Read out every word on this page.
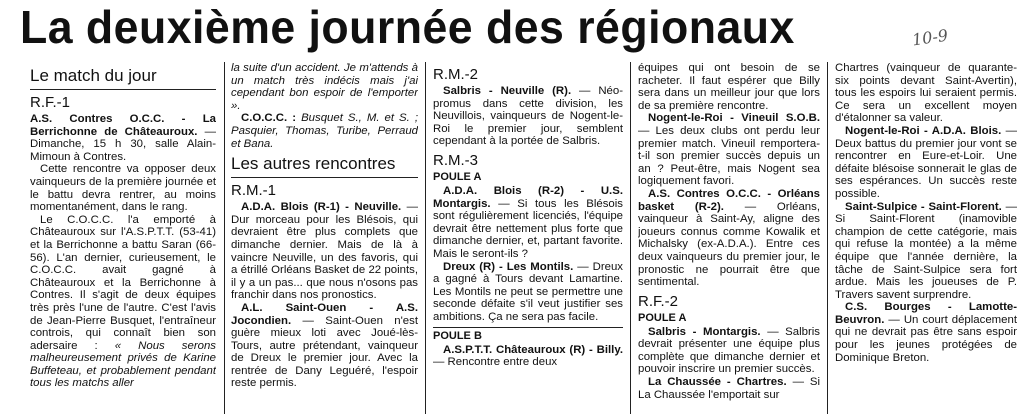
La deuxième journée des régionaux	10-9
Le match du jour
R.F.-1

A.S. Contres O.C.C. - La Berrichonne de Châteauroux. — Dimanche, 15 h 30, salle Alain-Mimoun à Contres.

Cette rencontre va opposer deux vainqueurs de la première journée et le battu devra rentrer, au moins momentanément, dans le rang.

Le C.O.C.C. l'a emporté à Châteauroux sur l'A.S.P.T.T. (53-41) et la Berrichonne a battu Saran (66-56). L'an dernier, curieusement, le C.O.C.C. avait gagné à Châteauroux et la Berrichonne à Contres. Il s'agit de deux équipes très près l'une de l'autre. C'est l'avis de Jean-Pierre Busquet, l'entraîneur controis, qui connaît bien son adersaire : « Nous serons malheureusement privés de Karine Buffeteau, et probablement pendant tous les matchs aller

la suite d'un accident. Je m'attends à un match très indécis mais j'ai cependant bon espoir de l'emporter ».

C.O.C.C. : Busquet S., M. et S. ; Pasquier, Thomas, Turibe, Perraud et Bana.

Les autres rencontres
R.M.-1

A.D.A. Blois (R-1) - Neuville. — Dur morceau pour les Blésois, qui devraient être plus complets que dimanche dernier. Mais de là à vaincre Neuville, un des favoris, qui a étrillé Orléans Basket de 22 points, il y a un pas... que nous n'osons pas franchir dans nos pronostics.

A.L. Saint-Ouen - A.S. Jocondien. — Saint-Ouen n'est guère mieux loti avec Joué-lès-Tours, autre prétendant, vainqueur de Dreux le premier jour. Avec la rentrée de Dany Leguéré, l'espoir reste permis.

R.M.-2

Salbris - Neuville (R). — Néo-promus dans cette division, les Neuvillois, vainqueurs de Nogent-le-Roi le premier jour, semblent cependant à la portée de Salbris.

R.M.-3
POULE A

A.D.A. Blois (R-2) - U.S. Montargis. — Si tous les Blésois sont régulièrement licenciés, l'équipe devrait être nettement plus forte que dimanche dernier, et, partant favorite. Mais le seront-ils ?

Dreux (R) - Les Montils. — Dreux a gagné à Tours devant Lamartine. Les Montils ne peut se permettre une seconde défaite s'il veut justifier ses ambitions. Ça ne sera pas facile.

POULE B

A.S.P.T.T. Châteauroux (R) - Billy. — Rencontre entre deux

équipes qui ont besoin de se racheter. Il faut espérer que Billy sera dans un meilleur jour que lors de sa première rencontre.

Nogent-le-Roi - Vineuil S.O.B. — Les deux clubs ont perdu leur premier match. Vineuil remportera-t-il son premier succès depuis un an ? Peut-être, mais Nogent sea logiquement favori.

A.S. Contres O.C.C. - Orléans basket (R-2). — Orléans, vainqueur à Saint-Ay, aligne des joueurs connus comme Kowalik et Michalsky (ex-A.D.A.). Entre ces deux vainqueurs du premier jour, le pronostic ne pourrait être que sentimental.

R.F.-2
POULE A

Salbris - Montargis. — Salbris devrait présenter une équipe plus complète que dimanche dernier et pouvoir inscrire un premier succès.

La Chaussée - Chartres. — Si La Chaussée l'emportait sur

Chartres (vainqueur de quarante-six points devant Saint-Avertin), tous les espoirs lui seraient permis. Ce sera un excellent moyen d'étalonner sa valeur.

Nogent-le-Roi - A.D.A. Blois. — Deux battus du premier jour vont se rencontrer en Eure-et-Loir. Une défaite blésoise sonnerait le glas de ses espérances. Un succès reste possible.

Saint-Sulpice - Saint-Florent. — Si Saint-Florent (inamovible champion de cette catégorie, mais qui refuse la montée) a la même équipe que l'année dernière, la tâche de Saint-Sulpice sera fort ardue. Mais les joueuses de P. Travers savent surprendre.

C.S. Bourges - Lamotte-Beuvron. — Un court déplacement qui ne devrait pas être sans espoir pour les jeunes protégées de Dominique Breton.
